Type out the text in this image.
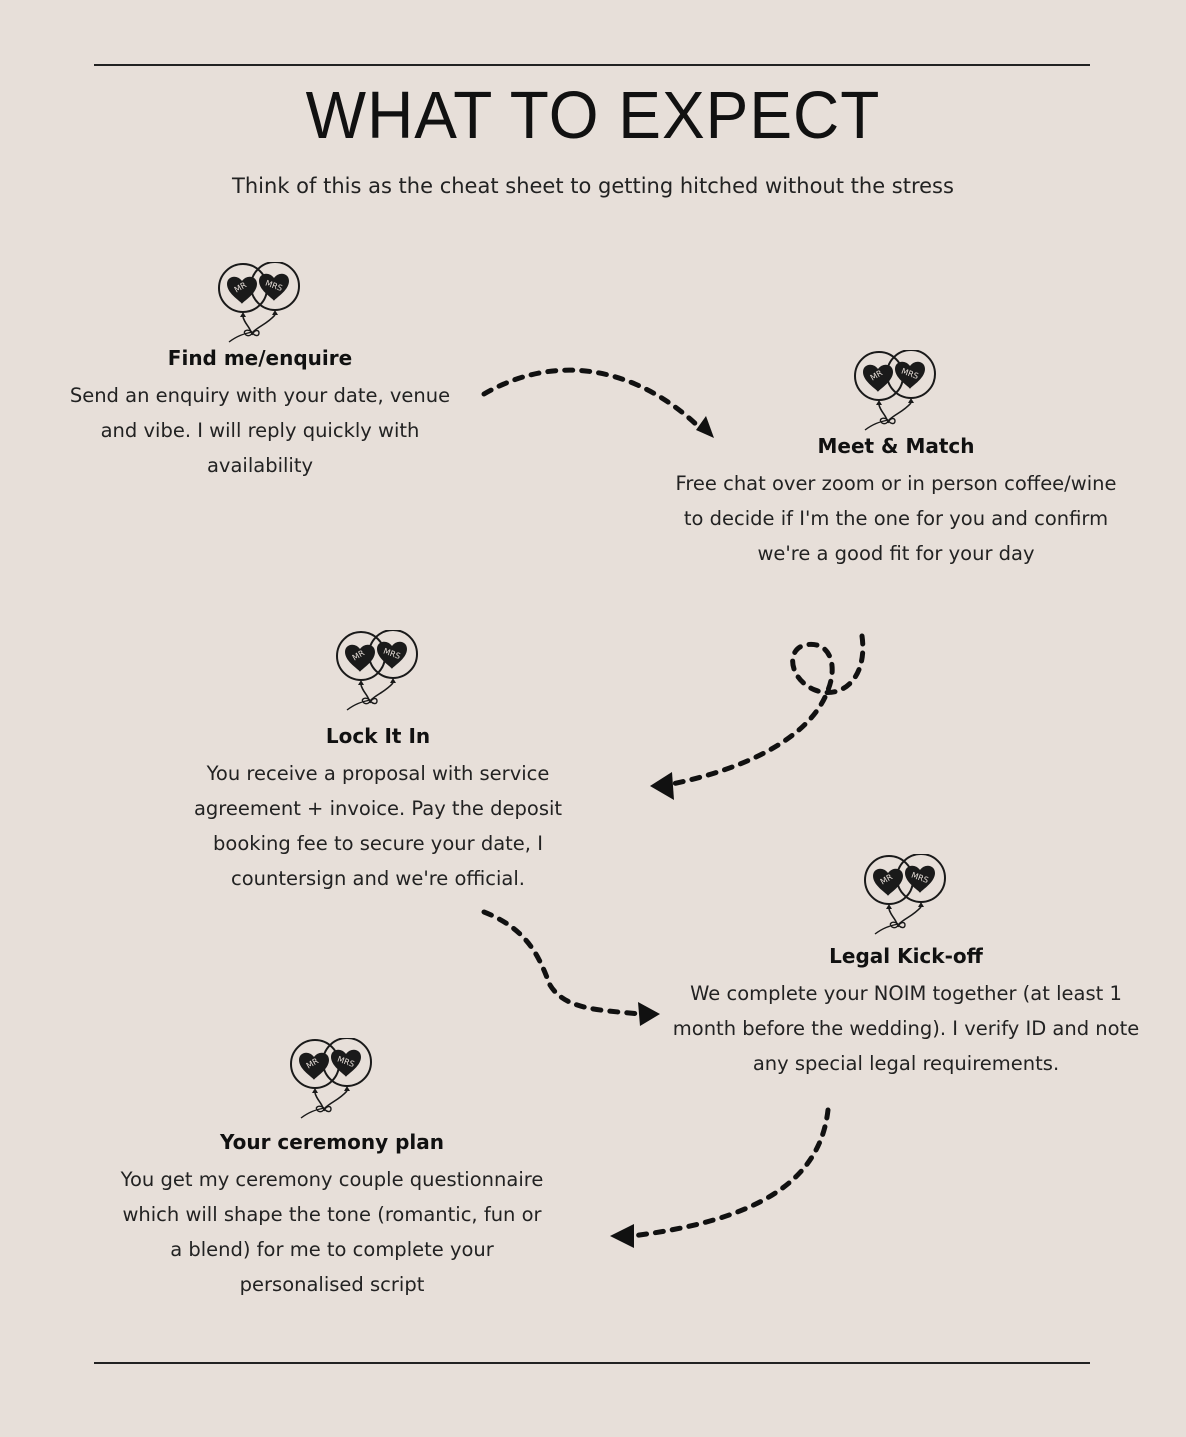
WHAT TO EXPECT
Think of this as the cheat sheet to getting hitched without the stress
MR MRS
Find me/enquire

Send an enquiry with your date, venue
and vibe. I will reply quickly with
availability

MR MRS
Meet & Match

Free chat over zoom or in person coffee/wine
to decide if I'm the one for you and confirm
we're a good fit for your day

MR MRS
Lock It In

You receive a proposal with service
agreement + invoice. Pay the deposit
booking fee to secure your date, I
countersign and we're official.	MR MRS
Legal Kick-off

We complete your NOIM together (at least 1
month before the wedding). I verify ID and note
any special legal requirements.

MR MRS
Your ceremony plan

You get my ceremony couple questionnaire
which will shape the tone (romantic, fun or
a blend) for me to complete your
personalised script
